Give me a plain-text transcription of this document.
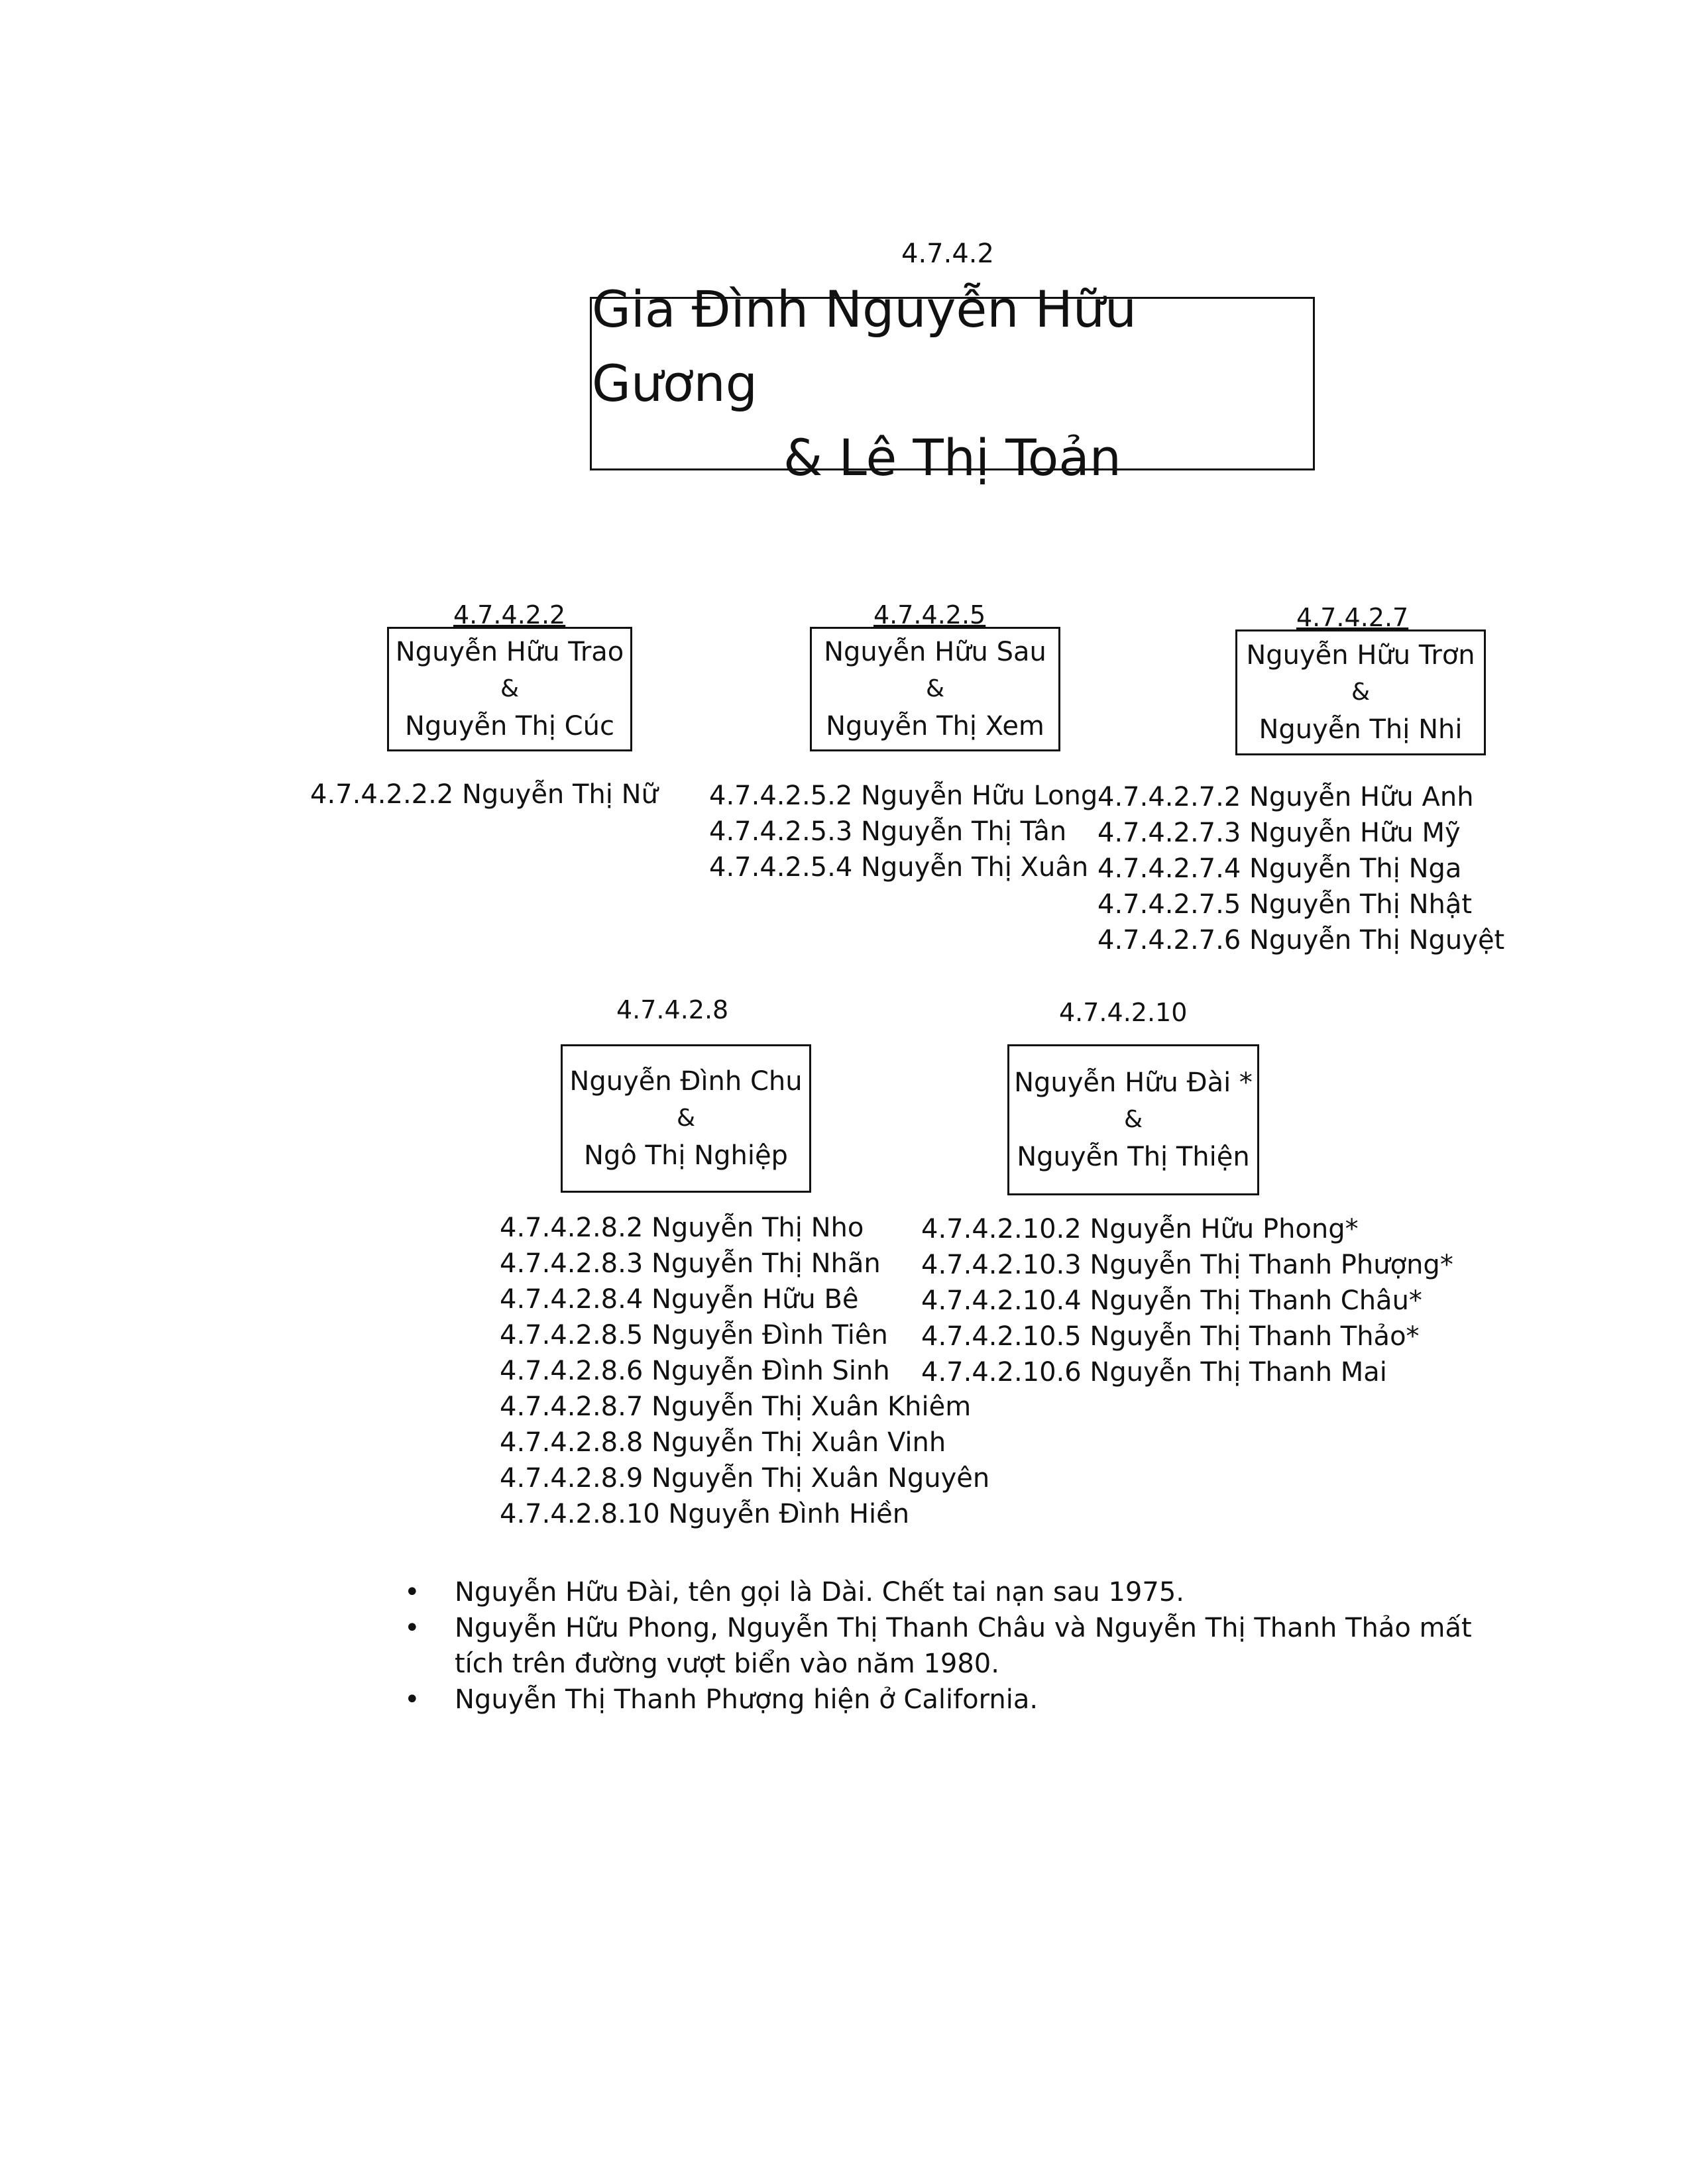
4.7.4.2
Gia Đình Nguyễn Hữu Gương
& Lê Thị Toản
4.7.4.2.2
Nguyễn Hữu Trao
&
Nguyễn Thị Cúc
4.7.4.2.2.2 Nguyễn Thị Nữ
4.7.4.2.5
Nguyễn Hữu Sau
&
Nguyễn Thị Xem
4.7.4.2.5.2 Nguyễn Hữu Long
4.7.4.2.5.3 Nguyễn Thị Tân
4.7.4.2.5.4 Nguyễn Thị Xuân
4.7.4.2.7
Nguyễn Hữu Trơn
&
Nguyễn Thị Nhi
4.7.4.2.7.2 Nguyễn Hữu Anh
4.7.4.2.7.3 Nguyễn Hữu Mỹ
4.7.4.2.7.4 Nguyễn Thị Nga
4.7.4.2.7.5 Nguyễn Thị Nhật
4.7.4.2.7.6 Nguyễn Thị Nguyệt
4.7.4.2.8
Nguyễn Đình Chu
&
Ngô Thị Nghiệp
4.7.4.2.8.2 Nguyễn Thị Nho
4.7.4.2.8.3 Nguyễn Thị Nhãn
4.7.4.2.8.4 Nguyễn Hữu Bê
4.7.4.2.8.5 Nguyễn Đình Tiên
4.7.4.2.8.6 Nguyễn Đình Sinh
4.7.4.2.8.7 Nguyễn Thị Xuân Khiêm
4.7.4.2.8.8 Nguyễn Thị Xuân Vinh
4.7.4.2.8.9 Nguyễn Thị Xuân Nguyên
4.7.4.2.8.10 Nguyễn Đình Hiền
4.7.4.2.10
Nguyễn Hữu Đài *
&
Nguyễn Thị Thiện
4.7.4.2.10.2 Nguyễn Hữu Phong*
4.7.4.2.10.3 Nguyễn Thị Thanh Phượng*
4.7.4.2.10.4 Nguyễn Thị Thanh Châu*
4.7.4.2.10.5 Nguyễn Thị Thanh Thảo*
4.7.4.2.10.6 Nguyễn Thị Thanh Mai
• Nguyễn Hữu Đài, tên gọi là Dài. Chết tai nạn sau 1975.
• Nguyễn Hữu Phong, Nguyễn Thị Thanh Châu và Nguyễn Thị Thanh Thảo mất tích trên đường vượt biển vào năm 1980.
• Nguyễn Thị Thanh Phượng hiện ở California.
